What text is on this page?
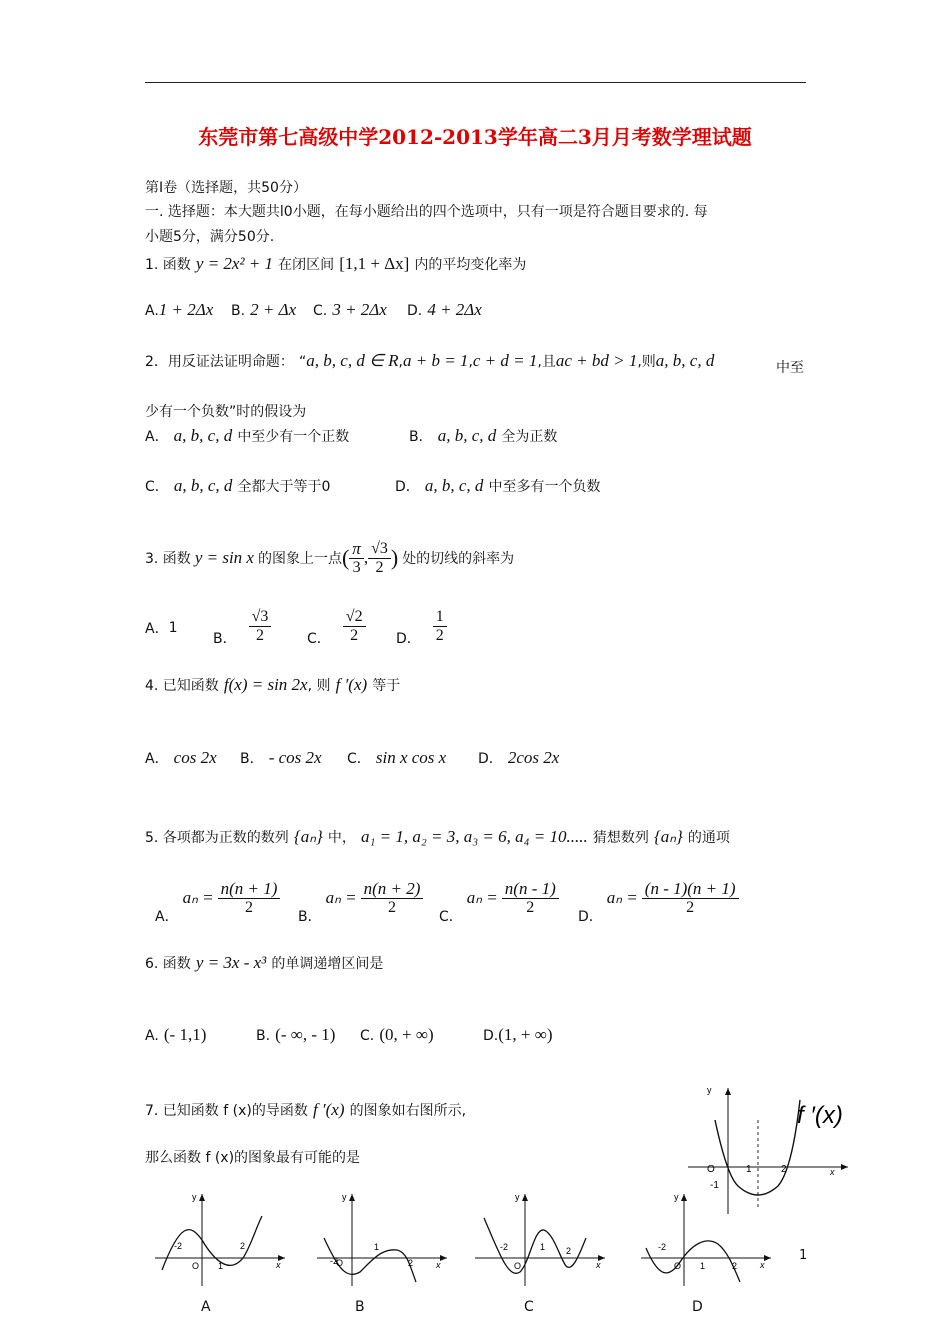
东莞市第七高级中学2012-2013学年高二3月月考数学理试题
第Ⅰ卷（选择题，共50分）
一. 选择题：本大题共l0小题，在每小题给出的四个选项中，只有一项是符合题目要求的. 每
小题5分，满分50分.
1. 函数 y = 2x² + 1 在闭区间 [1,1 + Δx] 内的平均变化率为
A.1 + 2Δx B. 2 + Δx C. 3 + 2Δx D. 4 + 2Δx
2．用反证法证明命题： “a, b, c, d ∈ R,a + b = 1,c + d = 1,且ac + bd > 1,则a, b, c, d	中至
少有一个负数”时的假设为
A． a, b, c, d 中至少有一个正数	B． a, b, c, d 全为正数
C． a, b, c, d 全都大于等于0	D． a, b, c, d 中至多有一个负数
3. 函数 y = sin x 的图象上一点 ( $\frac{\pi}{3}$ , $\frac{√3}{2}$ ) 处的切线的斜率为
A． 1
B． $\frac{√3}{2}$	C． $\frac{√2}{2}$ D． $\frac{1}{2}$
4. 已知函数 f(x) = sin 2x, 则 f ′(x) 等于
A． cos 2x B． - cos 2x C． sin x cos x D． 2cos 2x
5. 各项都为正数的数列 {aₙ} 中， a₁ = 1, a₂ = 3, a₃ = 6, a₄ = 10..... 猜想数列 {aₙ} 的通项
A．
$a_n = \frac{n(n + 1)}{2}$
B．
$a_n = \frac{n(n + 2)}{2}$
C．
$a_n = \frac{n(n - 1)}{2}$
D．
$a_n = \frac{(n - 1)(n + 1)}{2}$
6. 函数 y = 3x - x³ 的单调递增区间是
A. (- 1,1)	B. (- ∞, - 1) C. (0, + ∞)	D.(1, + ∞)
7. 已知函数 f (x)的导函数 f ′(x) 的图象如右图所示,
那么函数 f (x)的图象最有可能的是
y
x
O	1	2
-1
f ′(x)
y
x
O
-2
1
2
A
y
x
O
-2
1
2
B
y
x
O
-2	1 2
C
y
x
O
-2
1	2
D
1
